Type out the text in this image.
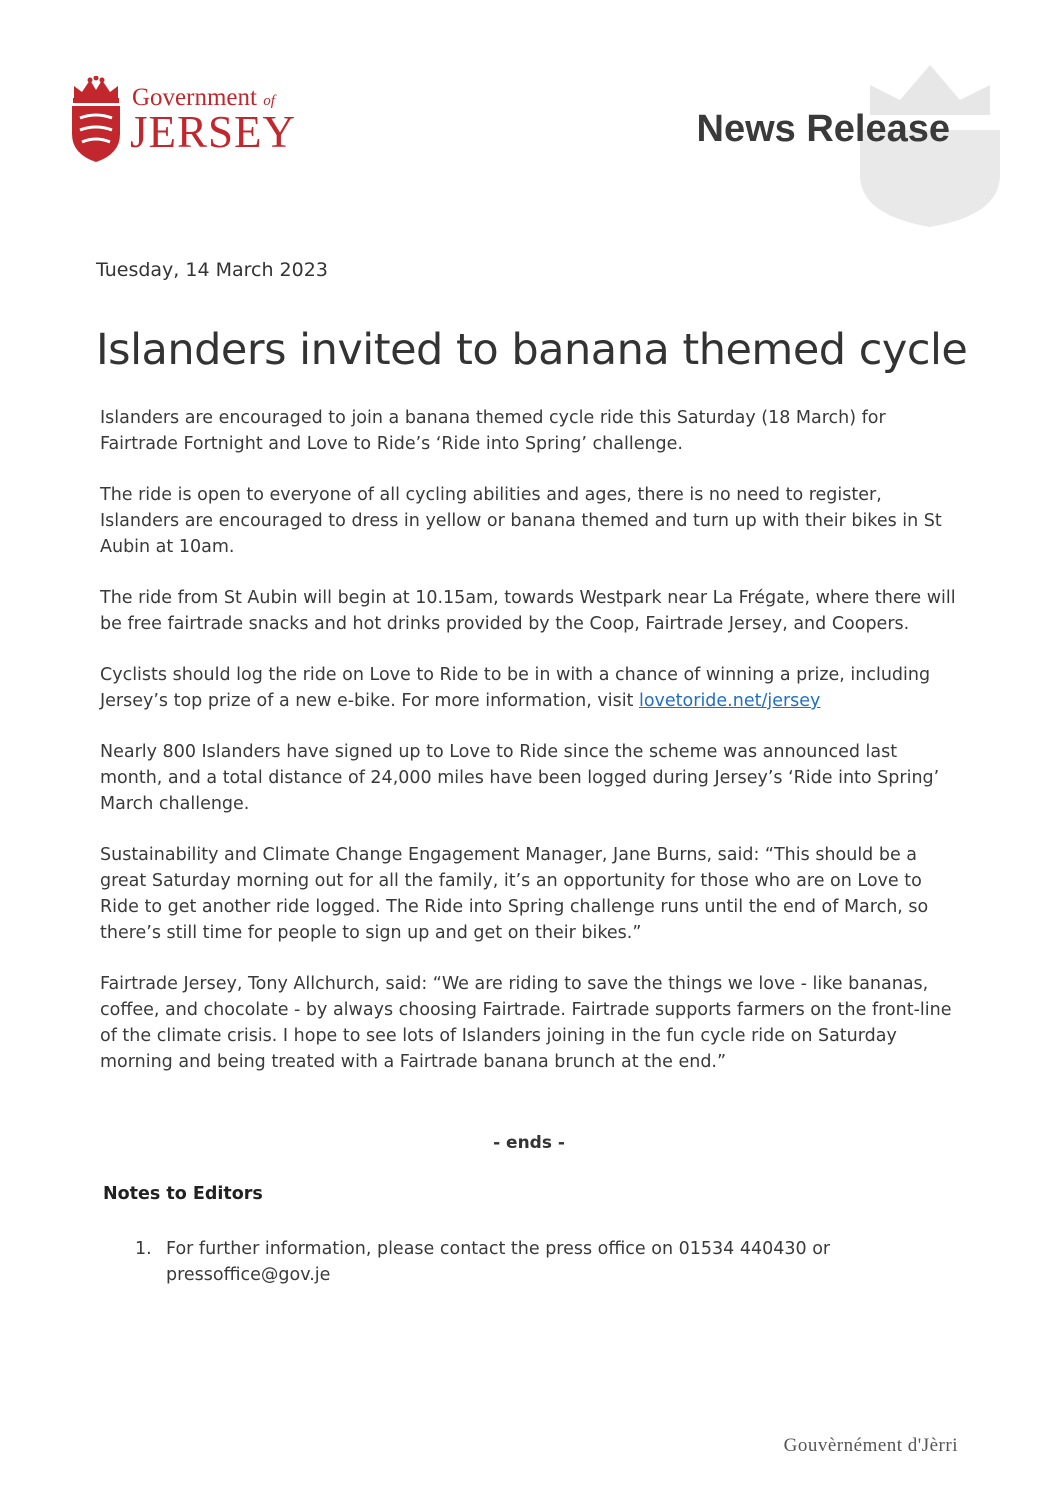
Government of
JERSEY	News Release
Tuesday, 14 March 2023
Islanders invited to banana themed cycle

Islanders are encouraged to join a banana themed cycle ride this Saturday (18 March) for Fairtrade Fortnight and Love to Ride’s ‘Ride into Spring’ challenge.

The ride is open to everyone of all cycling abilities and ages, there is no need to register, Islanders are encouraged to dress in yellow or banana themed and turn up with their bikes in St Aubin at 10am.

The ride from St Aubin will begin at 10.15am, towards Westpark near La Frégate, where there will be free fairtrade snacks and hot drinks provided by the Coop, Fairtrade Jersey, and Coopers.

Cyclists should log the ride on Love to Ride to be in with a chance of winning a prize, including Jersey’s top prize of a new e-bike. For more information, visit lovetoride.net/jersey

Nearly 800 Islanders have signed up to Love to Ride since the scheme was announced last month, and a total distance of 24,000 miles have been logged during Jersey’s ‘Ride into Spring’ March challenge.

Sustainability and Climate Change Engagement Manager, Jane Burns, said: “This should be a great Saturday morning out for all the family, it’s an opportunity for those who are on Love to Ride to get another ride logged. The Ride into Spring challenge runs until the end of March, so there’s still time for people to sign up and get on their bikes.”

Fairtrade Jersey, Tony Allchurch, said: “We are riding to save the things we love - like bananas, coffee, and chocolate - by always choosing Fairtrade. Fairtrade supports farmers on the front-line of the climate crisis. I hope to see lots of Islanders joining in the fun cycle ride on Saturday morning and being treated with a Fairtrade banana brunch at the end.”

- ends -
Notes to Editors
1. For further information, please contact the press office on 01534 440430 or pressoffice@gov.je
Gouvèrnément d'Jèrri
